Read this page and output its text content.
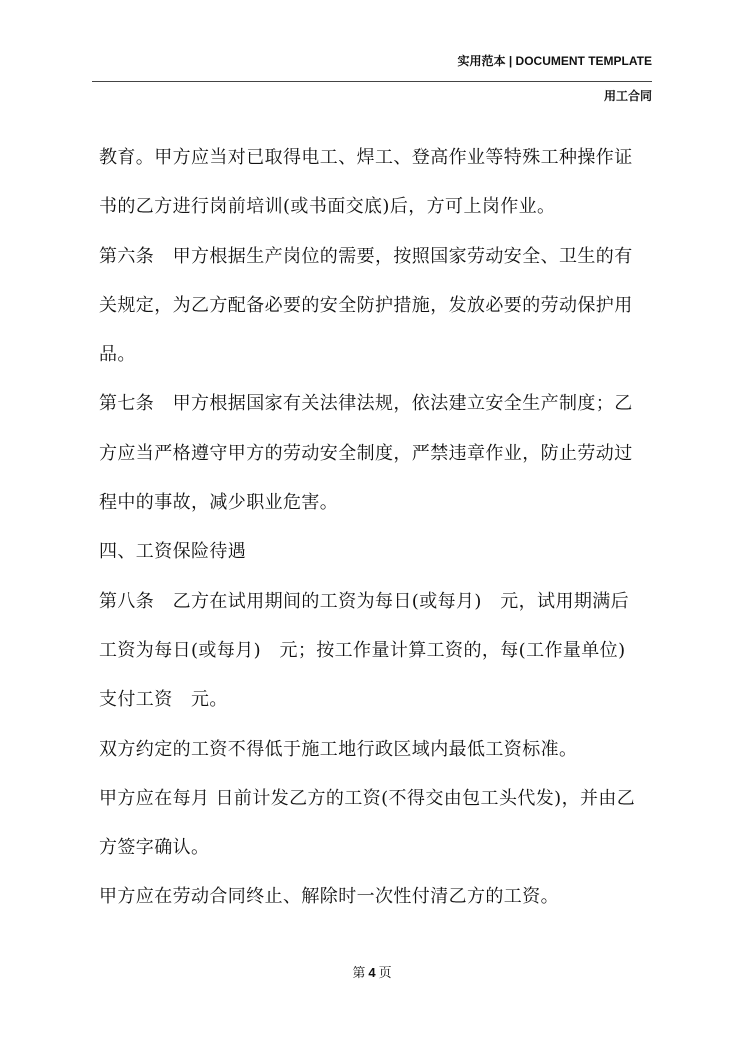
实用范本 | DOCUMENT TEMPLATE
用工合同
教育。甲方应当对已取得电工、焊工、登高作业等特殊工种操作证
书的乙方进行岗前培训(或书面交底)后，方可上岗作业。
第六条　甲方根据生产岗位的需要，按照国家劳动安全、卫生的有
关规定，为乙方配备必要的安全防护措施，发放必要的劳动保护用
品。
第七条　甲方根据国家有关法律法规，依法建立安全生产制度；乙
方应当严格遵守甲方的劳动安全制度，严禁违章作业，防止劳动过
程中的事故，减少职业危害。
四、工资保险待遇
第八条　乙方在试用期间的工资为每日(或每月)　元，试用期满后
工资为每日(或每月)　元；按工作量计算工资的，每(工作量单位)
支付工资　元。
双方约定的工资不得低于施工地行政区域内最低工资标准。
甲方应在每月 日前计发乙方的工资(不得交由包工头代发)，并由乙
方签字确认。
甲方应在劳动合同终止、解除时一次性付清乙方的工资。
第 4 页
